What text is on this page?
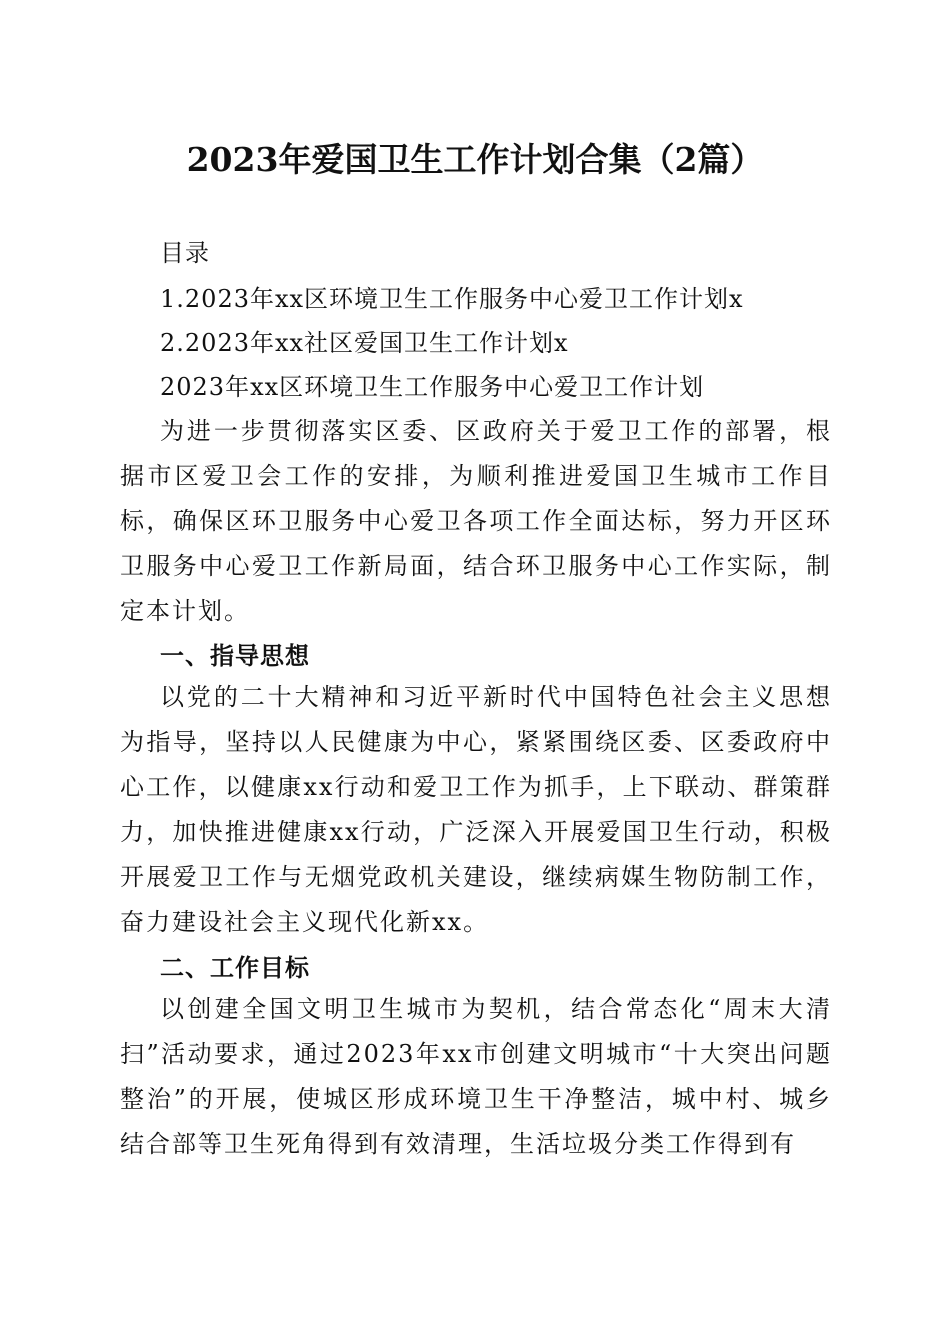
2023年爱国卫生工作计划合集（2篇）
目录
1.2023年xx区环境卫生工作服务中心爱卫工作计划x
2.2023年xx社区爱国卫生工作计划x
2023年xx区环境卫生工作服务中心爱卫工作计划
为进一步贯彻落实区委、区政府关于爱卫工作的部署，根据市区爱卫会工作的安排，为顺利推进爱国卫生城市工作目标，确保区环卫服务中心爱卫各项工作全面达标，努力开区环卫服务中心爱卫工作新局面，结合环卫服务中心工作实际，制定本计划。
一、指导思想
以党的二十大精神和习近平新时代中国特色社会主义思想为指导，坚持以人民健康为中心，紧紧围绕区委、区委政府中心工作，以健康xx行动和爱卫工作为抓手，上下联动、群策群力，加快推进健康xx行动，广泛深入开展爱国卫生行动，积极开展爱卫工作与无烟党政机关建设，继续病媒生物防制工作，奋力建设社会主义现代化新xx。
二、工作目标
以创建全国文明卫生城市为契机，结合常态化“周末大清扫”活动要求，通过2023年xx市创建文明城市“十大突出问题整治”的开展，使城区形成环境卫生干净整洁，城中村、城乡结合部等卫生死角得到有效清理，生活垃圾分类工作得到有
